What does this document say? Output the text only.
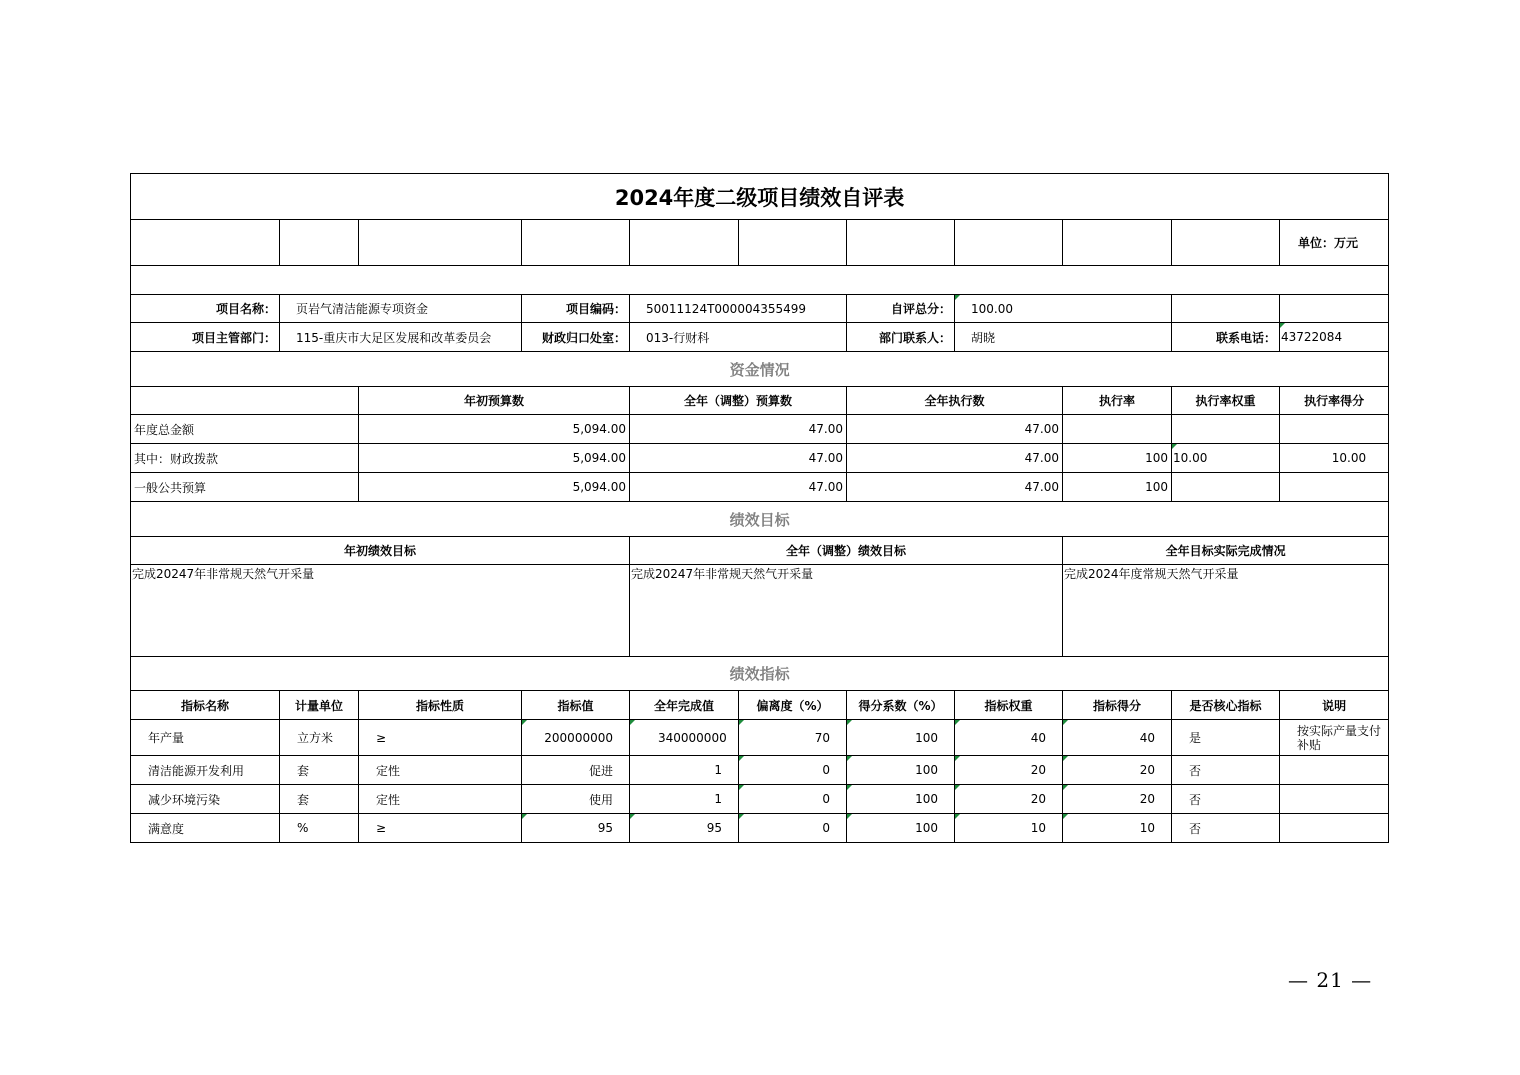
2024年度二级项目绩效自评表										
										单位：万元

项目名称：	页岩气清洁能源专项资金		项目编码：	50011124T000004355499		自评总分：	100.00			
项目主管部门：	115-重庆市大足区发展和改革委员会		财政归口处室：	013-行财科		部门联系人：	胡晓		联系电话：	43722084
资金情况										
		年初预算数		全年（调整）预算数		全年执行数		执行率	执行率权重	执行率得分
年度总金额		5,094.00		47.00		47.00				
其中：财政拨款		5,094.00		47.00		47.00		100	10.00	10.00
一般公共预算		5,094.00		47.00		47.00		100		
绩效目标										
年初绩效目标				全年（调整）绩效目标				全年目标实际完成情况		
完成20247年非常规天然气开采量				完成20247年非常规天然气开采量				完成2024年度常规天然气开采量		
绩效指标										
指标名称	计量单位	指标性质	指标值	全年完成值	偏离度（%）	得分系数（%）	指标权重	指标得分	是否核心指标	说明
年产量	立方米	≥	200000000	340000000	70	100	40	40	是	按实际产量支付补贴
清洁能源开发利用	套	定性	促进	1	0	100	20	20	否	
减少环境污染	套	定性	使用	1	0	100	20	20	否	
满意度	%	≥	95	95	0	100	10	10	否	
— 21 —
